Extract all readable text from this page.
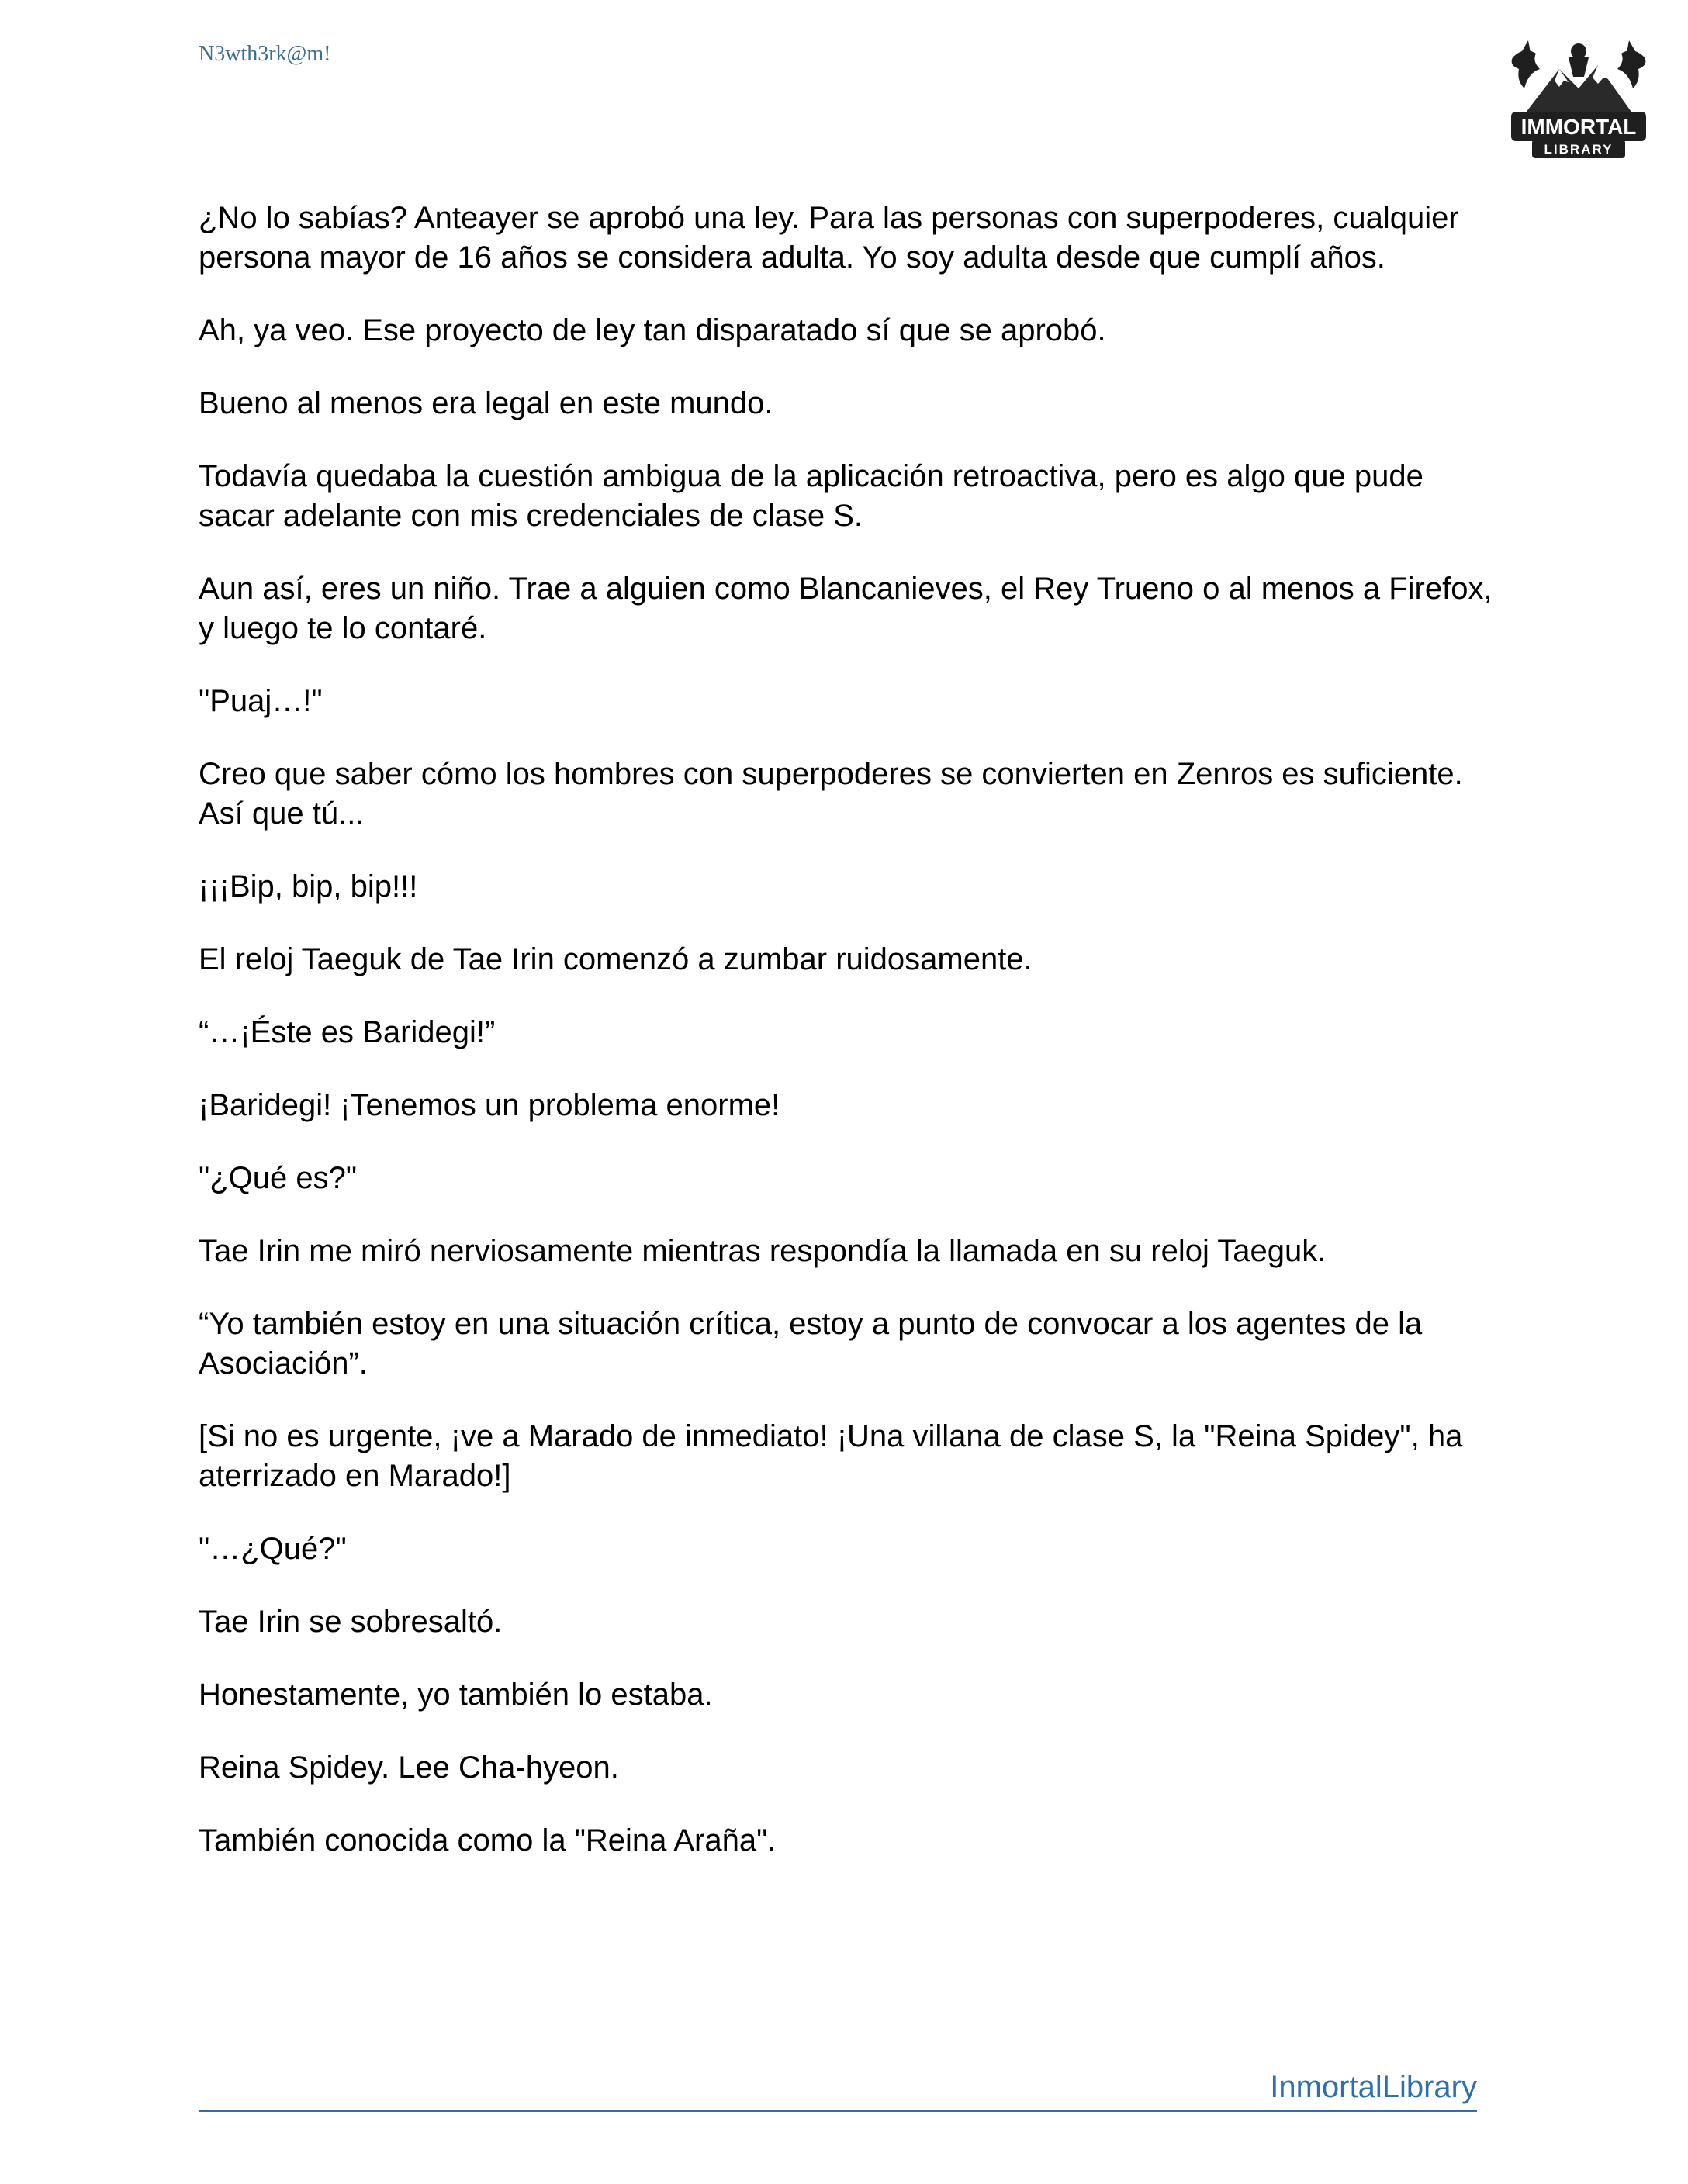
N3wth3rk@m!
IMMORTAL
LIBRARY

¿No lo sabías? Anteayer se aprobó una ley. Para las personas con superpoderes, cualquier persona mayor de 16 años se considera adulta. Yo soy adulta desde que cumplí años.

Ah, ya veo. Ese proyecto de ley tan disparatado sí que se aprobó.

Bueno al menos era legal en este mundo.

Todavía quedaba la cuestión ambigua de la aplicación retroactiva, pero es algo que pude sacar adelante con mis credenciales de clase S.

Aun así, eres un niño. Trae a alguien como Blancanieves, el Rey Trueno o al menos a Firefox, y luego te lo contaré.

"Puaj…!"

Creo que saber cómo los hombres con superpoderes se convierten en Zenros es suficiente. Así que tú...

¡¡¡Bip, bip, bip!!!

El reloj Taeguk de Tae Irin comenzó a zumbar ruidosamente.

“…¡Éste es Baridegi!”

¡Baridegi! ¡Tenemos un problema enorme!

"¿Qué es?"

Tae Irin me miró nerviosamente mientras respondía la llamada en su reloj Taeguk.

“Yo también estoy en una situación crítica, estoy a punto de convocar a los agentes de la Asociación”.

[Si no es urgente, ¡ve a Marado de inmediato! ¡Una villana de clase S, la "Reina Spidey", ha aterrizado en Marado!]

"…¿Qué?"

Tae Irin se sobresaltó.

Honestamente, yo también lo estaba.

Reina Spidey. Lee Cha-hyeon.

También conocida como la "Reina Araña".

InmortalLibrary
